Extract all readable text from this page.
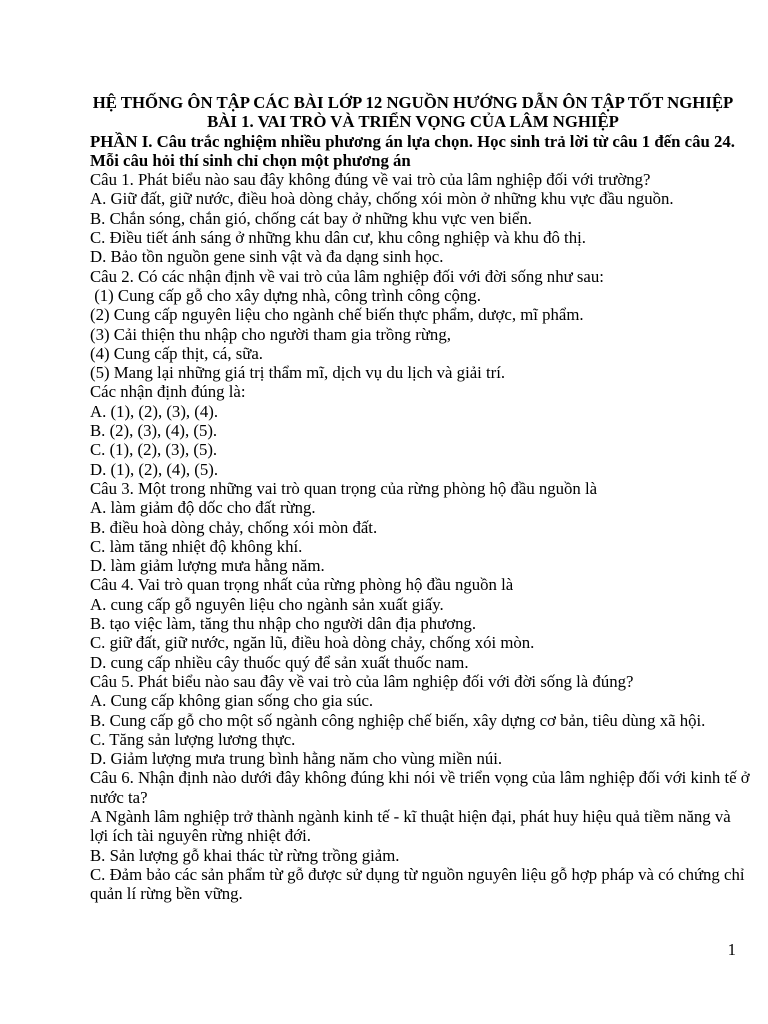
HỆ THỐNG ÔN TẬP CÁC BÀI LỚP 12 NGUỒN HƯỚNG DẪN ÔN TẬP TỐT NGHIỆP
BÀI 1. VAI TRÒ VÀ TRIỂN VỌNG CỦA LÂM NGHIỆP
PHẦN I. Câu trắc nghiệm nhiều phương án lựa chọn. Học sinh trả lời từ câu 1 đến câu 24.
Mỗi câu hỏi thí sinh chỉ chọn một phương án
Câu 1. Phát biểu nào sau đây không đúng về vai trò của lâm nghiệp đối với trường?
A. Giữ đất, giữ nước, điều hoà dòng chảy, chống xói mòn ở những khu vực đầu nguồn.
B. Chắn sóng, chắn gió, chống cát bay ở những khu vực ven biển.
C. Điều tiết ánh sáng ở những khu dân cư, khu công nghiệp và khu đô thị.
D. Bảo tồn nguồn gene sinh vật và đa dạng sinh học.
Câu 2. Có các nhận định về vai trò của lâm nghiệp đối với đời sống như sau:
(1) Cung cấp gỗ cho xây dựng nhà, công trình công cộng.
(2) Cung cấp nguyên liệu cho ngành chế biến thực phẩm, dược, mĩ phẩm.
(3) Cải thiện thu nhập cho người tham gia trồng rừng,
(4) Cung cấp thịt, cá, sữa.
(5) Mang lại những giá trị thẩm mĩ, dịch vụ du lịch và giải trí.
Các nhận định đúng là:
A. (1), (2), (3), (4).
B. (2), (3), (4), (5).
C. (1), (2), (3), (5).
D. (1), (2), (4), (5).
Câu 3. Một trong những vai trò quan trọng của rừng phòng hộ đầu nguồn là
A. làm giảm độ dốc cho đất rừng.
B. điều hoà dòng chảy, chống xói mòn đất.
C. làm tăng nhiệt độ không khí.
D. làm giảm lượng mưa hằng năm.
Câu 4. Vai trò quan trọng nhất của rừng phòng hộ đầu nguồn là
A. cung cấp gỗ nguyên liệu cho ngành sản xuất giấy.
B. tạo việc làm, tăng thu nhập cho người dân địa phương.
C. giữ đất, giữ nước, ngăn lũ, điều hoà dòng chảy, chống xói mòn.
D. cung cấp nhiều cây thuốc quý để sản xuất thuốc nam.
Câu 5. Phát biểu nào sau đây về vai trò của lâm nghiệp đối với đời sống là đúng?
A. Cung cấp không gian sống cho gia súc.
B. Cung cấp gỗ cho một số ngành công nghiệp chế biến, xây dựng cơ bản, tiêu dùng xã hội.
C. Tăng sản lượng lương thực.
D. Giảm lượng mưa trung bình hằng năm cho vùng miền núi.
Câu 6. Nhận định nào dưới đây không đúng khi nói về triển vọng của lâm nghiệp đối với kinh tế ở
nước ta?
A Ngành lâm nghiệp trở thành ngành kinh tế - kĩ thuật hiện đại, phát huy hiệu quả tiềm năng và
lợi ích tài nguyên rừng nhiệt đới.
B. Sản lượng gỗ khai thác từ rừng trồng giảm.
C. Đảm bảo các sản phẩm từ gỗ được sử dụng từ nguồn nguyên liệu gỗ hợp pháp và có chứng chỉ
quản lí rừng bền vững.
1
